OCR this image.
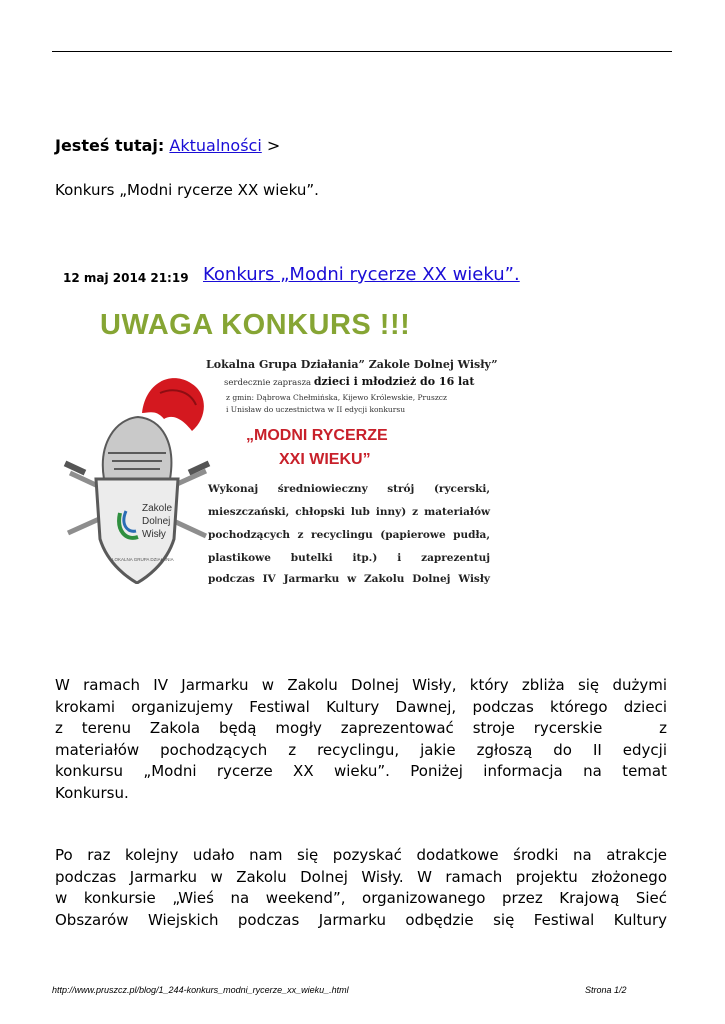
Jesteś tutaj: Aktualności >
Konkurs „Modni rycerze XX wieku”.
12 maj 2014 21:19 Konkurs „Modni rycerze XX wieku”.
UWAGA KONKURS !!!
Zakole
Dolnej
Wisły
LOKALNA GRUPA DZIAŁANIA
Lokalna Grupa Działania” Zakole Dolnej Wisły”
serdecznie zaprasza dzieci i młodzież do 16 lat
z gmin: Dąbrowa Chełmińska, Kijewo Królewskie, Pruszcz
i Unisław do uczestnictwa w II edycji konkursu
„MODNI RYCERZE
XXI WIEKU”
Wykonaj średniowieczny strój (rycerski,
mieszczański, chłopski lub inny) z materiałów
pochodzących z recyclingu (papierowe pudła,
plastikowe butelki itp.) i zaprezentuj
podczas IV Jarmarku w Zakolu Dolnej Wisły
W ramach IV Jarmarku w Zakolu Dolnej Wisły, który zbliża się dużymi
krokami organizujemy Festiwal Kultury Dawnej, podczas którego dzieci
z terenu Zakola będą mogły zaprezentować stroje rycerskie   z
materiałów pochodzących z recyclingu, jakie zgłoszą do II edycji
konkursu „Modni rycerze XX wieku”. Poniżej informacja na temat
Konkursu.
Po raz kolejny udało nam się pozyskać dodatkowe środki na atrakcje
podczas Jarmarku w Zakolu Dolnej Wisły. W ramach projektu złożonego
w konkursie „Wieś na weekend”, organizowanego przez Krajową Sieć
Obszarów Wiejskich podczas Jarmarku odbędzie się Festiwal Kultury
http://www.pruszcz.pl/blog/1_244-konkurs_modni_rycerze_xx_wieku_.html	Strona 1/2
